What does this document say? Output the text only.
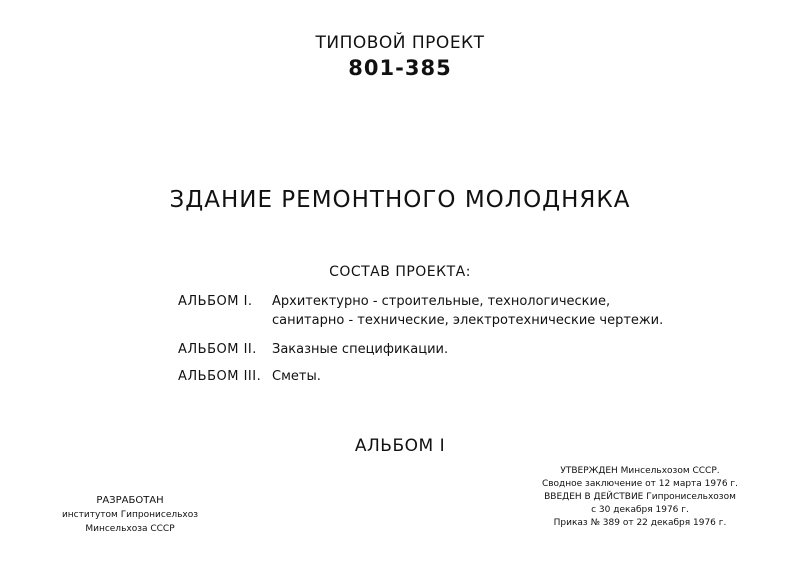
ТИПОВОЙ ПРОЕКТ
801-385
ЗДАНИЕ РЕМОНТНОГО МОЛОДНЯКА
СОСТАВ ПРОЕКТА:
АЛЬБОМ I. Архитектурно - строительные, технологические,
санитарно - технические, электротехнические чертежи.
АЛЬБОМ II. Заказные спецификации.
АЛЬБОМ III. Сметы.
АЛЬБОМ I
РАЗРАБОТАН
институтом Гипронисельхоз
Минсельхоза СССР
УТВЕРЖДЕН Минсельхозом СССР.
Сводное заключение от 12 марта 1976 г.
ВВЕДЕН В ДЕЙСТВИЕ Гипронисельхозом
с 30 декабря 1976 г.
Приказ № 389 от 22 декабря 1976 г.
